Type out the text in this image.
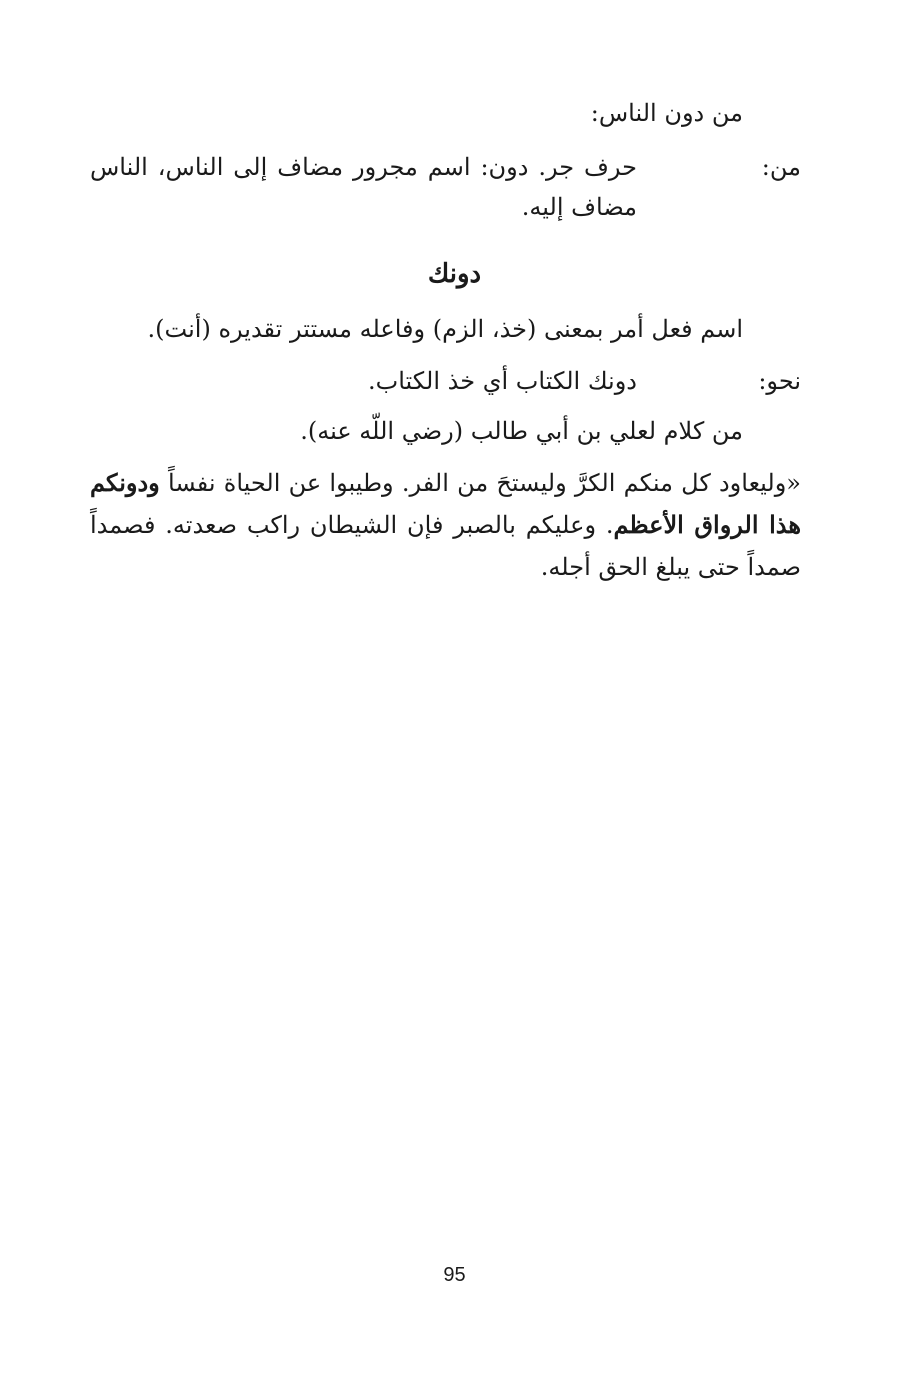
من دون الناس:
من:
حرف جر. دون: اسم مجرور مضاف إلى الناس، الناس مضاف إليه.
دونك
اسم فعل أمر بمعنى (خذ، الزم) وفاعله مستتر تقديره (أنت).
نحو:
دونك الكتاب أي خذ الكتاب.
من كلام لعلي بن أبي طالب (رضي اللّه عنه).
«وليعاود كل منكم الكرَّ وليستحَ من الفر. وطيبوا عن الحياة نفساً ودونكم هذا الرواق الأعظم. وعليكم بالصبر فإن الشيطان راكب صعدته. فصمداً صمداً حتى يبلغ الحق أجله.
95
